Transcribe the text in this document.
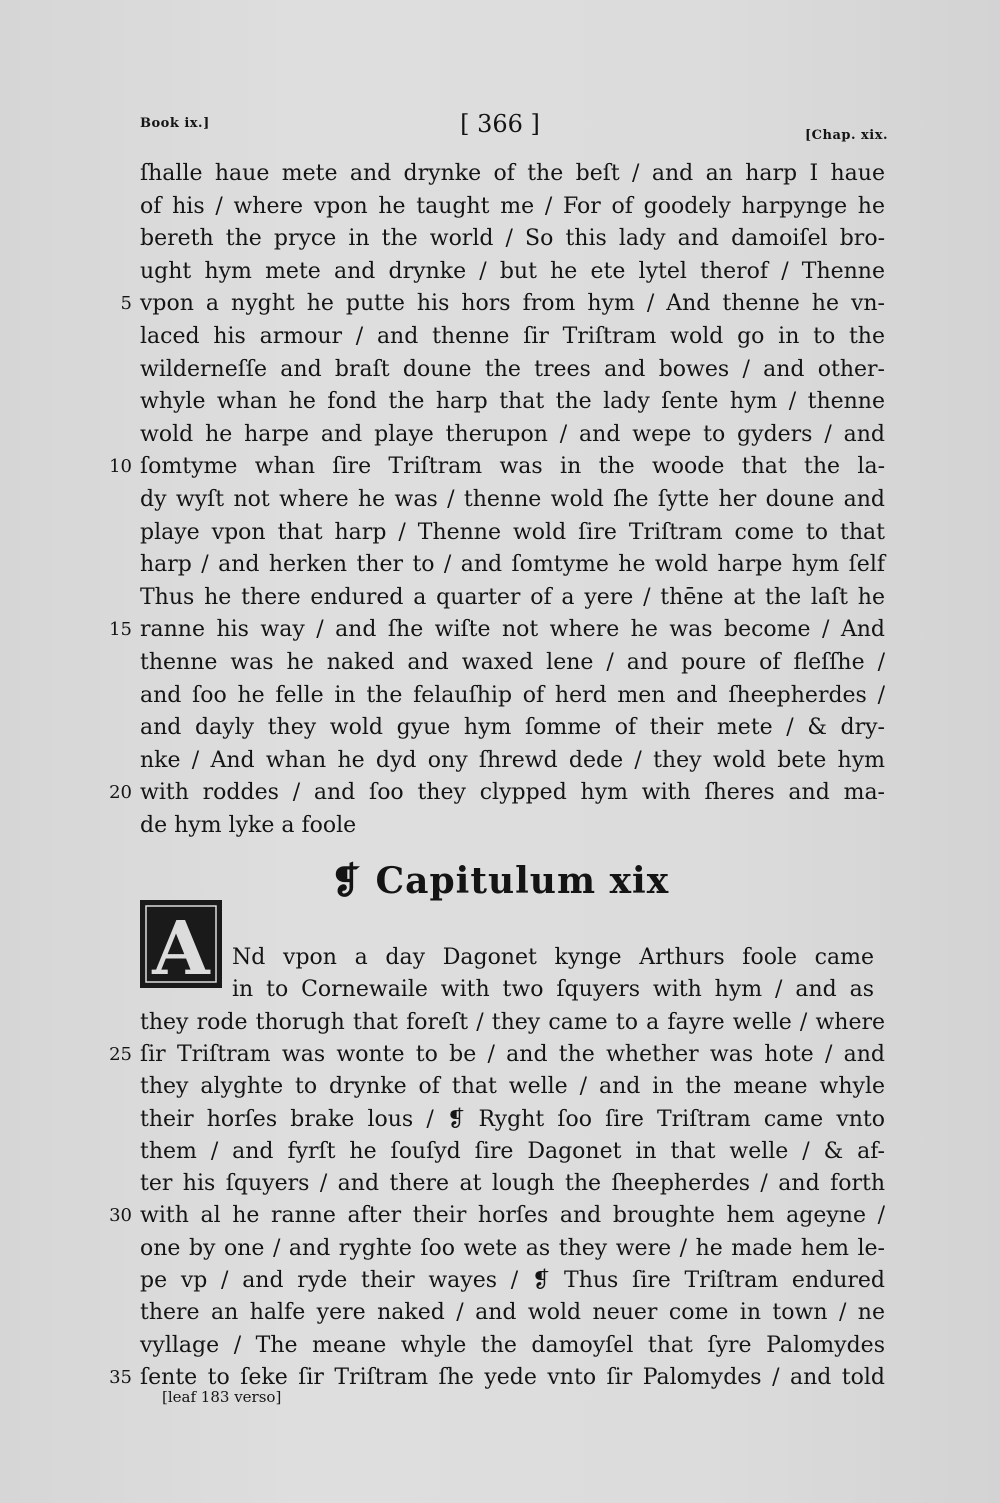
Book ix.]	[ 366 ]	[Chap. xix.
ſhalle haue mete and drynke of the beſt / and an harp I haue
of his / where vpon he taught me / For of goodely harpynge he
bereth the pryce in the world / So this lady and damoiſel bro-
ught hym mete and drynke / but he ete lytel therof / Thenne
vpon a nyght he putte his hors from hym / And thenne he vn-
5
laced his armour / and thenne ſir Triſtram wold go in to the
wilderneſſe and braſt doune the trees and bowes / and other-
whyle whan he fond the harp that the lady ſente hym / thenne
wold he harpe and playe therupon / and wepe to gyders / and
ſomtyme whan ſire Triſtram was in the woode that the la-
10
dy wyſt not where he was / thenne wold ſhe ſytte her doune and
playe vpon that harp / Thenne wold ſire Triſtram come to that
harp / and herken ther to / and ſomtyme he wold harpe hym ſelf
Thus he there endured a quarter of a yere / thēne at the laſt he
ranne his way / and ſhe wiſte not where he was become / And
15
thenne was he naked and waxed lene / and poure of fleſſhe /
and ſoo he felle in the felauſhip of herd men and ſheepherdes /
and dayly they wold gyue hym ſomme of their mete / & dry-
nke / And whan he dyd ony ſhrewd dede / they wold bete hym
with roddes / and ſoo they clypped hym with ſheres and ma-
20
de hym lyke a foole
❡ Capitulum xix
A Nd vpon a day Dagonet kynge Arthurs foole came
in to Cornewaile with two ſquyers with hym / and as
they rode thorugh that foreſt / they came to a fayre welle / where
ſir Triſtram was wonte to be / and the whether was hote / and
25
they alyghte to drynke of that welle / and in the meane whyle
their horſes brake lous / ❡ Ryght ſoo ſire Triſtram came vnto
them / and fyrſt he ſouſyd ſire Dagonet in that welle / & af-
ter his ſquyers / and there at lough the ſheepherdes / and forth
with al he ranne after their horſes and broughte hem ageyne /
30
one by one / and ryghte ſoo wete as they were / he made hem le-
pe vp / and ryde their wayes / ❡ Thus ſire Triſtram endured
there an halfe yere naked / and wold neuer come in town / ne
vyllage / The meane whyle the damoyſel that ſyre Palomydes
ſente to ſeke ſir Triſtram ſhe yede vnto ſir Palomydes / and told
35
[leaf 183 verso]
